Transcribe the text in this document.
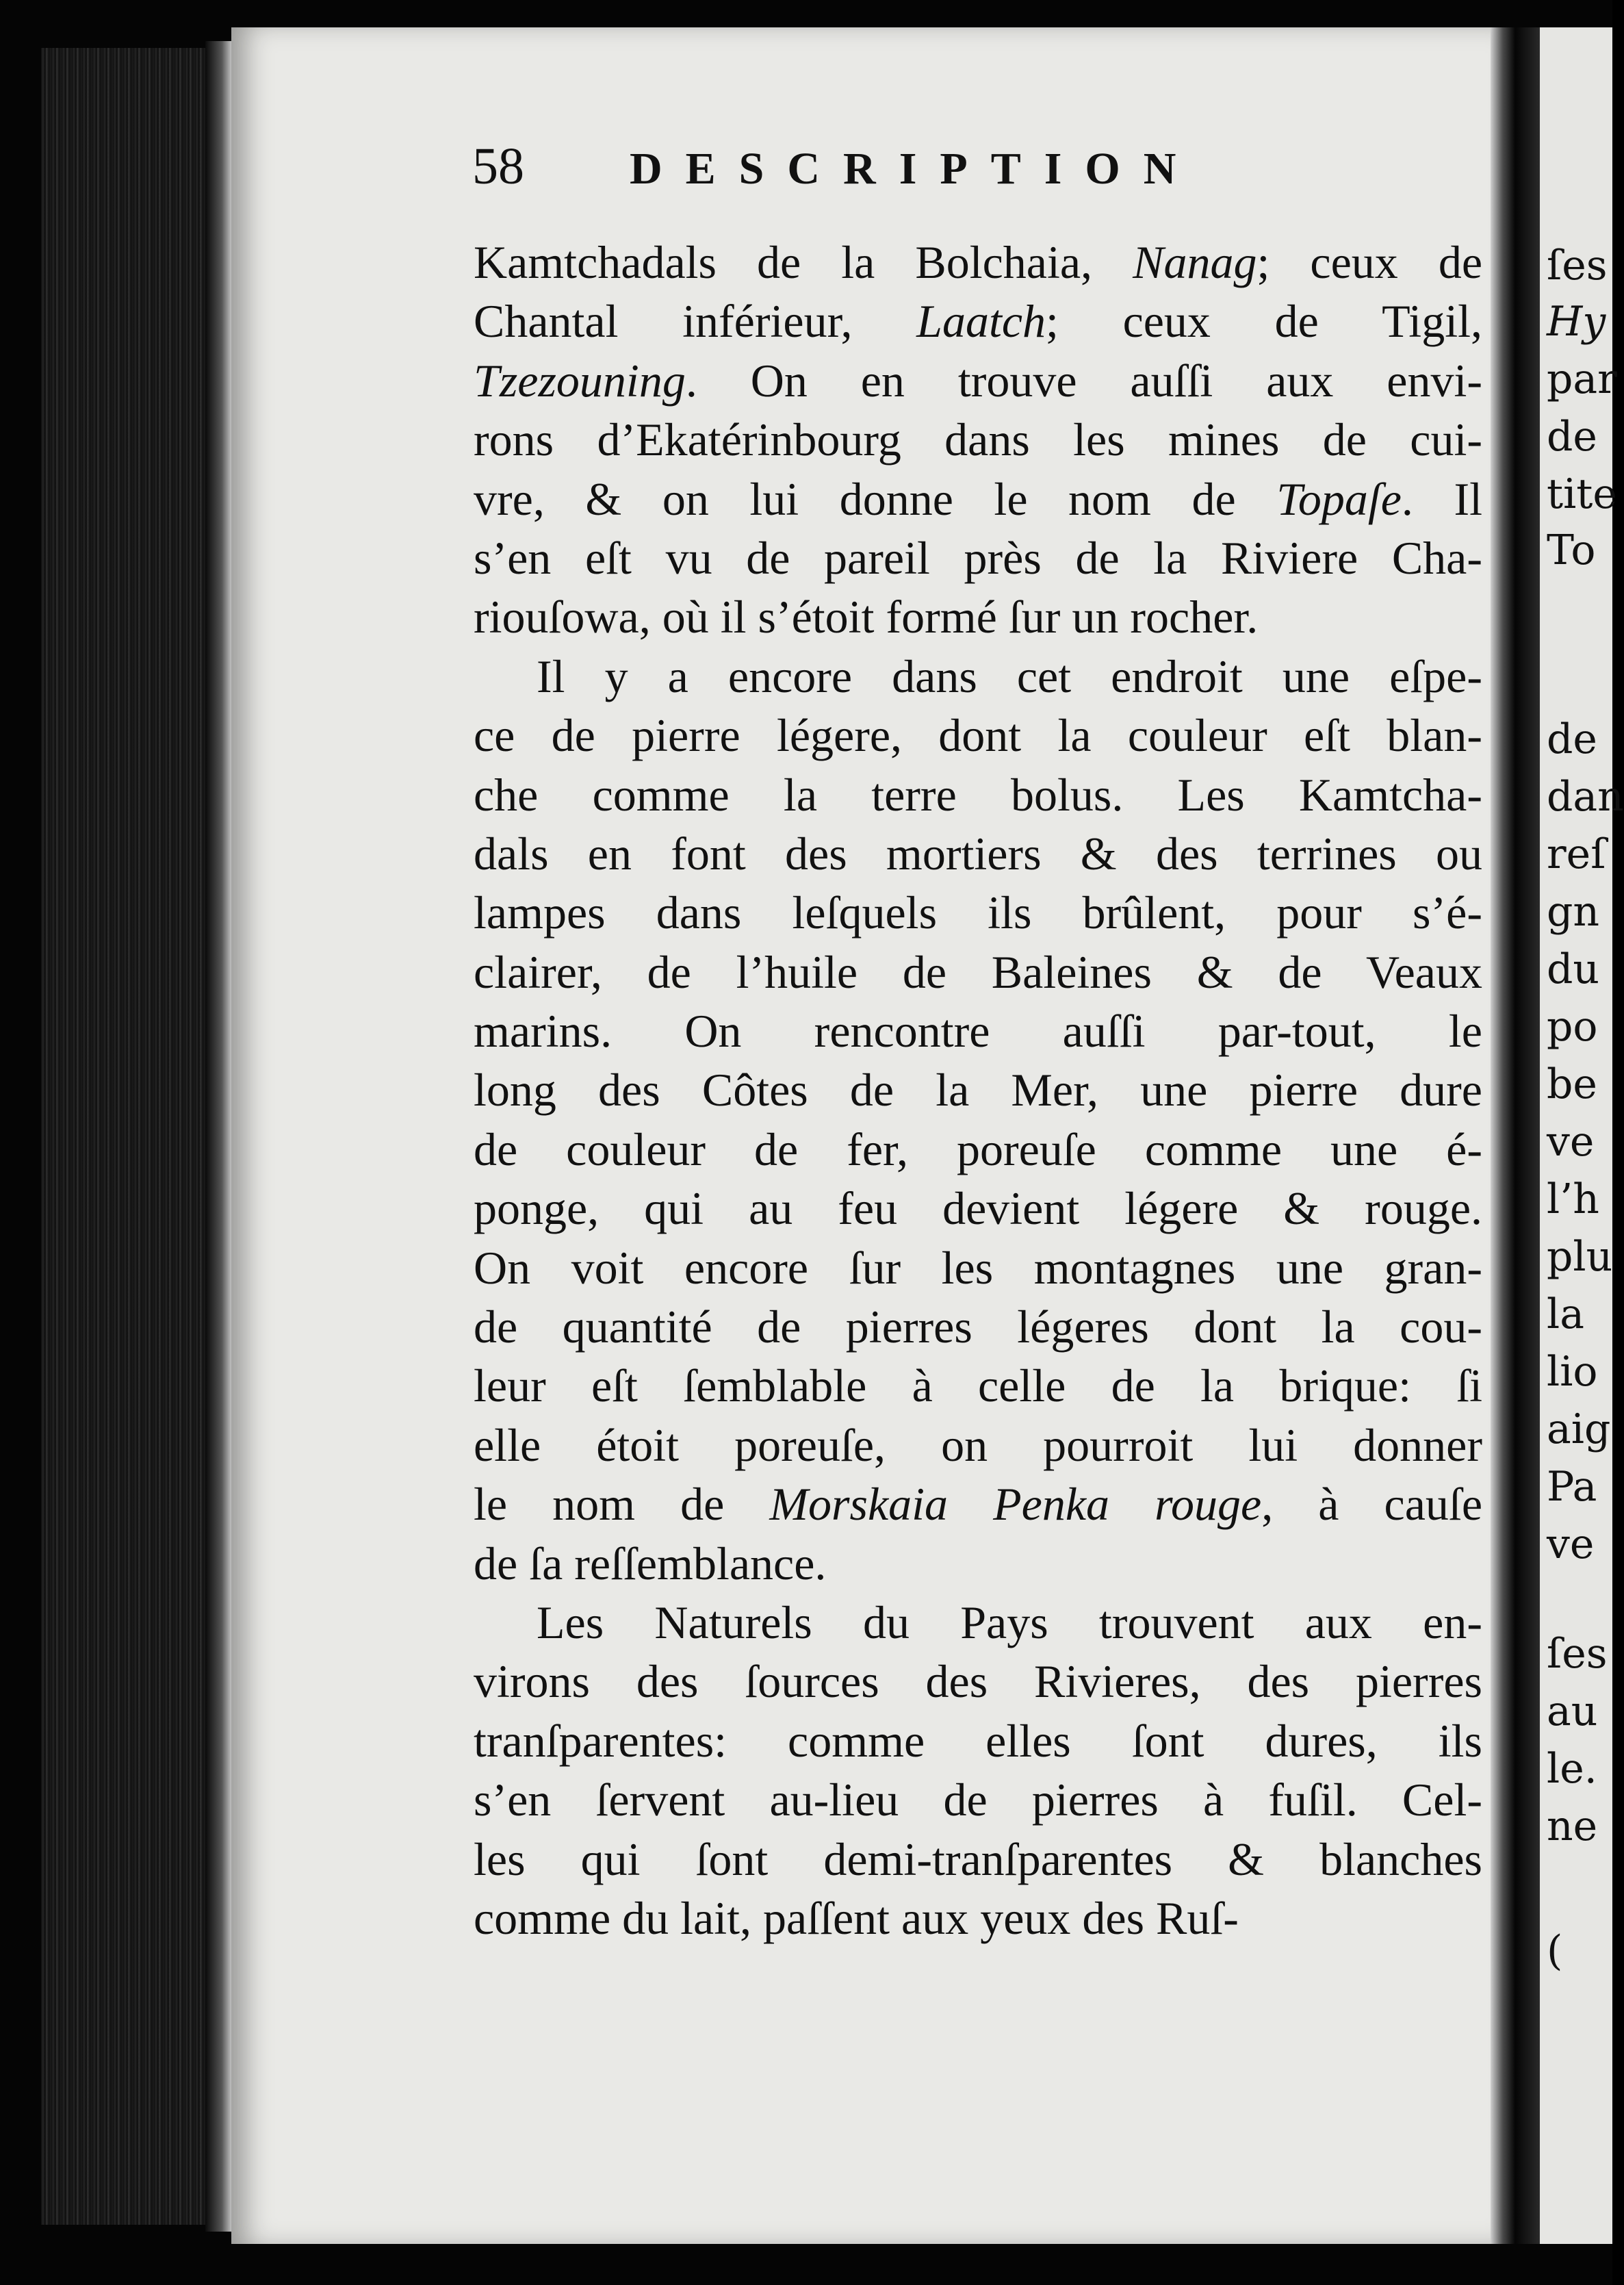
ſes
Hy
par
de
tite
To
de
dan
reſ
gn
du
po
be
ve
l’h
plu
la
lio
aig
Pa
ve
ſes
au
le.
ne
(
58 DESCRIPTION
Kamtchadals de la Bolchaia, Nanag; ceux de
Chantal inférieur, Laatch; ceux de Tigil,
Tzezouning. On en trouve auſſi aux envi-
rons d’Ekatérinbourg dans les mines de cui-
vre, & on lui donne le nom de Topaſe. Il
s’en eſt vu de pareil près de la Riviere Cha-
riouſowa, où il s’étoit formé ſur un rocher.
Il y a encore dans cet endroit une eſpe-
ce de pierre légere, dont la couleur eſt blan-
che comme la terre bolus. Les Kamtcha-
dals en font des mortiers & des terrines ou
lampes dans leſquels ils brûlent, pour s’é-
clairer, de l’huile de Baleines & de Veaux
marins. On rencontre auſſi par-tout, le
long des Côtes de la Mer, une pierre dure
de couleur de fer, poreuſe comme une é-
ponge, qui au feu devient légere & rouge.
On voit encore ſur les montagnes une gran-
de quantité de pierres légeres dont la cou-
leur eſt ſemblable à celle de la brique: ſi
elle étoit poreuſe, on pourroit lui donner
le nom de Morskaia Penka rouge, à cauſe
de ſa reſſemblance.
Les Naturels du Pays trouvent aux en-
virons des ſources des Rivieres, des pierres
tranſparentes: comme elles ſont dures, ils
s’en ſervent au-lieu de pierres à fuſil. Cel-
les qui ſont demi-tranſparentes & blanches
comme du lait, paſſent aux yeux des Ruſ-
